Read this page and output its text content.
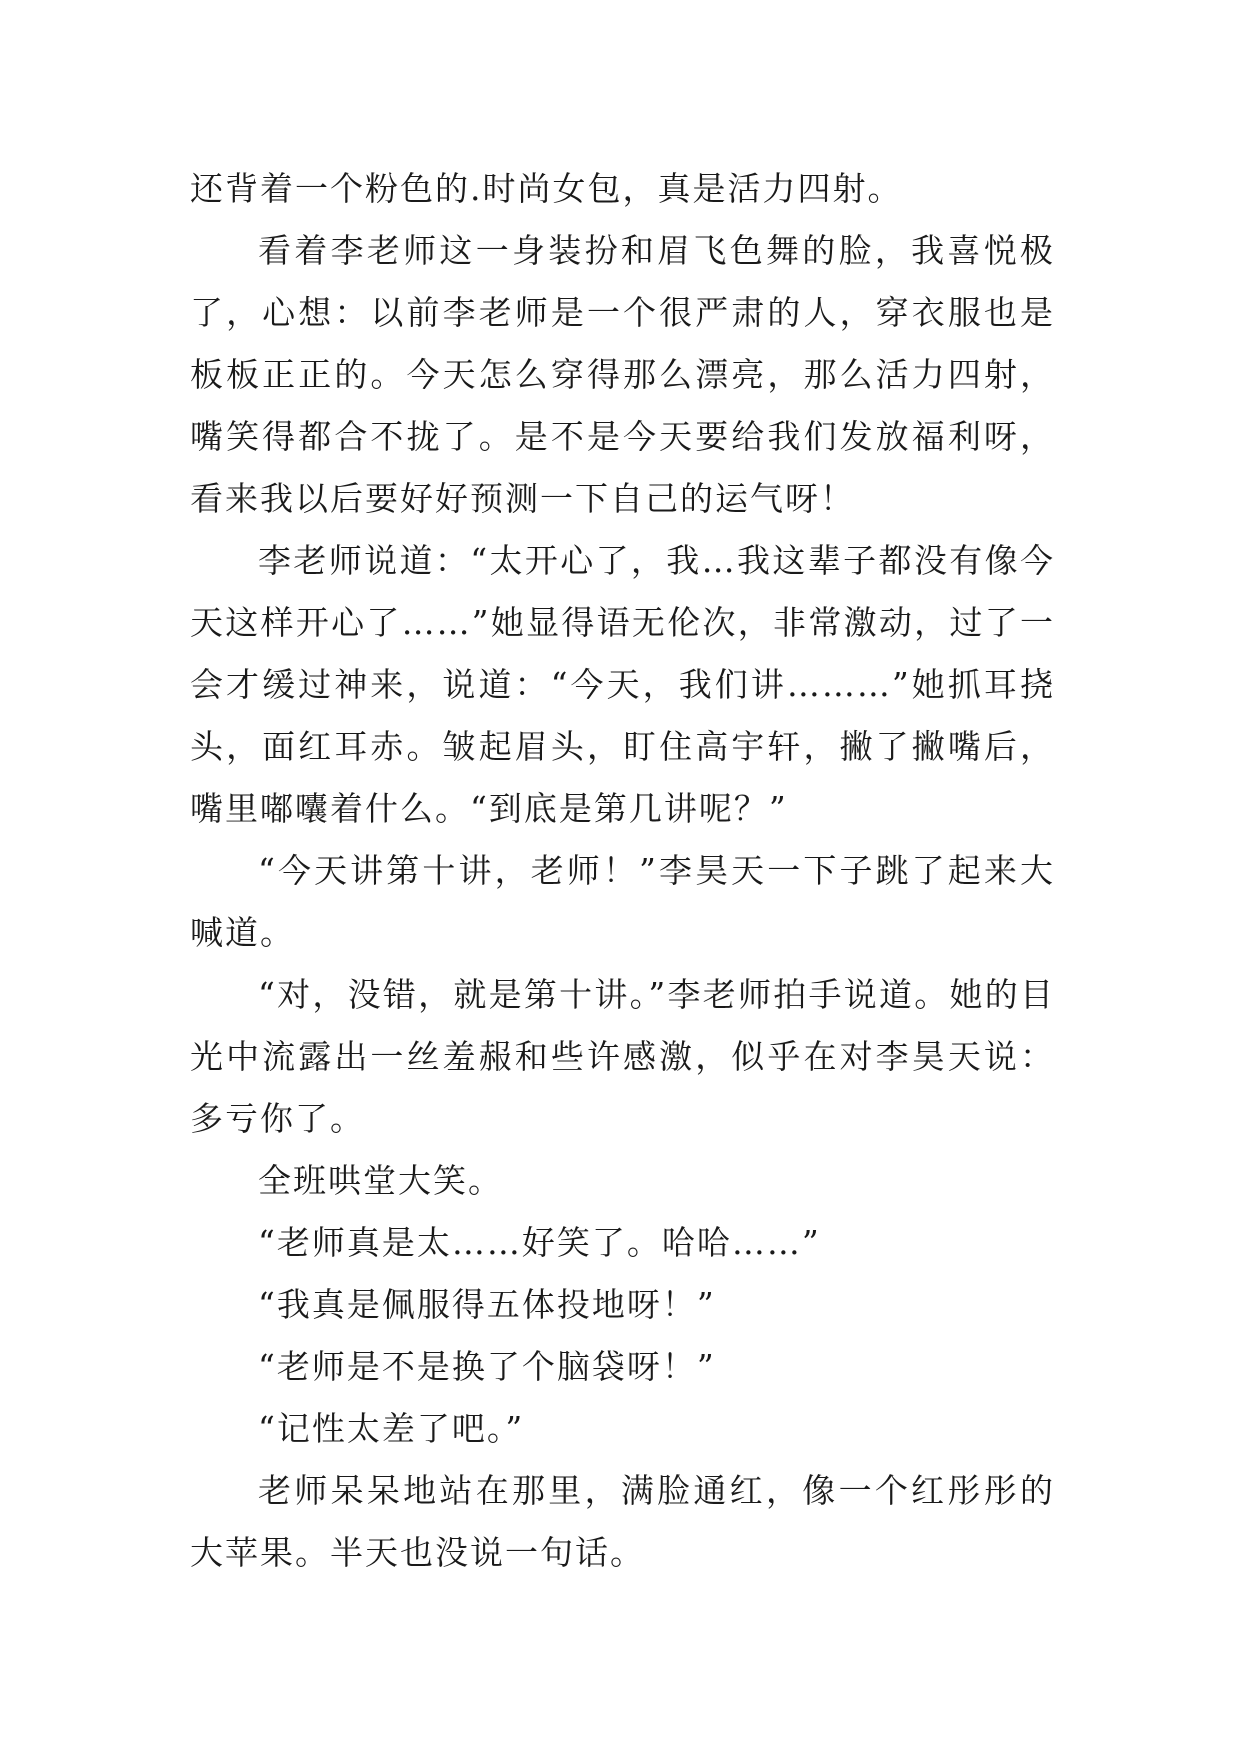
还背着一个粉色的.时尚女包，真是活力四射。

看着李老师这一身装扮和眉飞色舞的脸，我喜悦极了，心想：以前李老师是一个很严肃的人，穿衣服也是板板正正的。今天怎么穿得那么漂亮，那么活力四射，嘴笑得都合不拢了。是不是今天要给我们发放福利呀，看来我以后要好好预测一下自己的运气呀！

李老师说道：“太开心了，我…我这辈子都没有像今天这样开心了……”她显得语无伦次，非常激动，过了一会才缓过神来，说道：“今天，我们讲………”她抓耳挠头，面红耳赤。皱起眉头，盯住高宇轩，撇了撇嘴后，嘴里嘟囔着什么。“到底是第几讲呢？”

“今天讲第十讲，老师！”李昊天一下子跳了起来大喊道。

“对，没错，就是第十讲。”李老师拍手说道。她的目光中流露出一丝羞赧和些许感激，似乎在对李昊天说：多亏你了。

全班哄堂大笑。

“老师真是太……好笑了。哈哈……”

“我真是佩服得五体投地呀！”

“老师是不是换了个脑袋呀！”

“记性太差了吧。”

老师呆呆地站在那里，满脸通红，像一个红彤彤的大苹果。半天也没说一句话。
